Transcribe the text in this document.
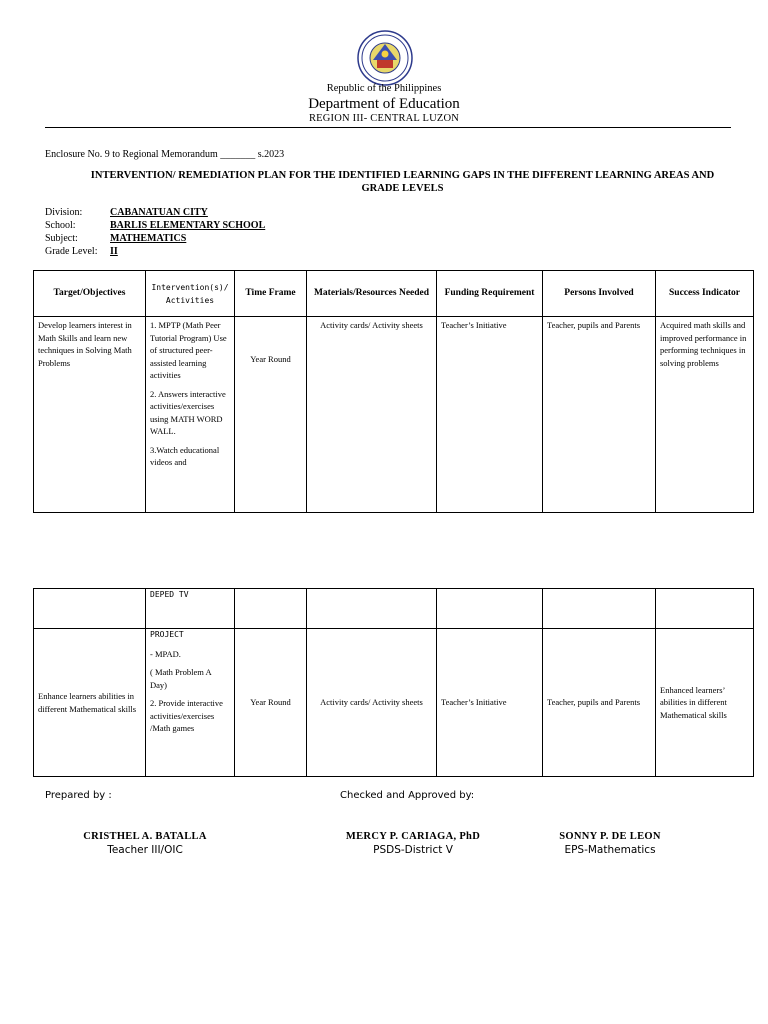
Republic of the Philippines
Department of Education
REGION III- CENTRAL LUZON
Enclosure No. 9 to Regional Memorandum _______ s.2023
INTERVENTION/ REMEDIATION PLAN FOR THE IDENTIFIED LEARNING GAPS IN THE DIFFERENT LEARNING AREAS AND GRADE LEVELS
Division:	CABANATUAN CITY
School:	BARLIS ELEMENTARY SCHOOL
Subject:	MATHEMATICS
Grade Level: II
Target/Objectives	Intervention(s)/ Activities	Time Frame	Materials/Resources Needed	Funding Requirement	Persons Involved	Success Indicator
Develop learners interest in Math Skills and learn new techniques in Solving Math Problems	1. MPTP (Math Peer Tutorial Program) Use of structured peer-assisted learning activities
2. Answers interactive activities/exercises using MATH WORD WALL.
3.Watch educational videos and	Year Round	Activity cards/ Activity sheets	Teacher’s Initiative	Teacher, pupils and Parents	Acquired math skills and improved performance in performing techniques in solving problems
	DEPED TV					
Enhance learners abilities in different Mathematical skills	PROJECT
- MPAD.
( Math Problem A Day)
2. Provide interactive activities/exercises /Math games	Year Round	Activity cards/ Activity sheets	Teacher’s Initiative	Teacher, pupils and Parents	Enhanced learners’ abilities in different Mathematical skills
Prepared by :	Checked and Approved by:
CRISTHEL A. BATALLA
Teacher III/OIC
MERCY P. CARIAGA, PhD
PSDS-District V
SONNY P. DE LEON
EPS-Mathematics
